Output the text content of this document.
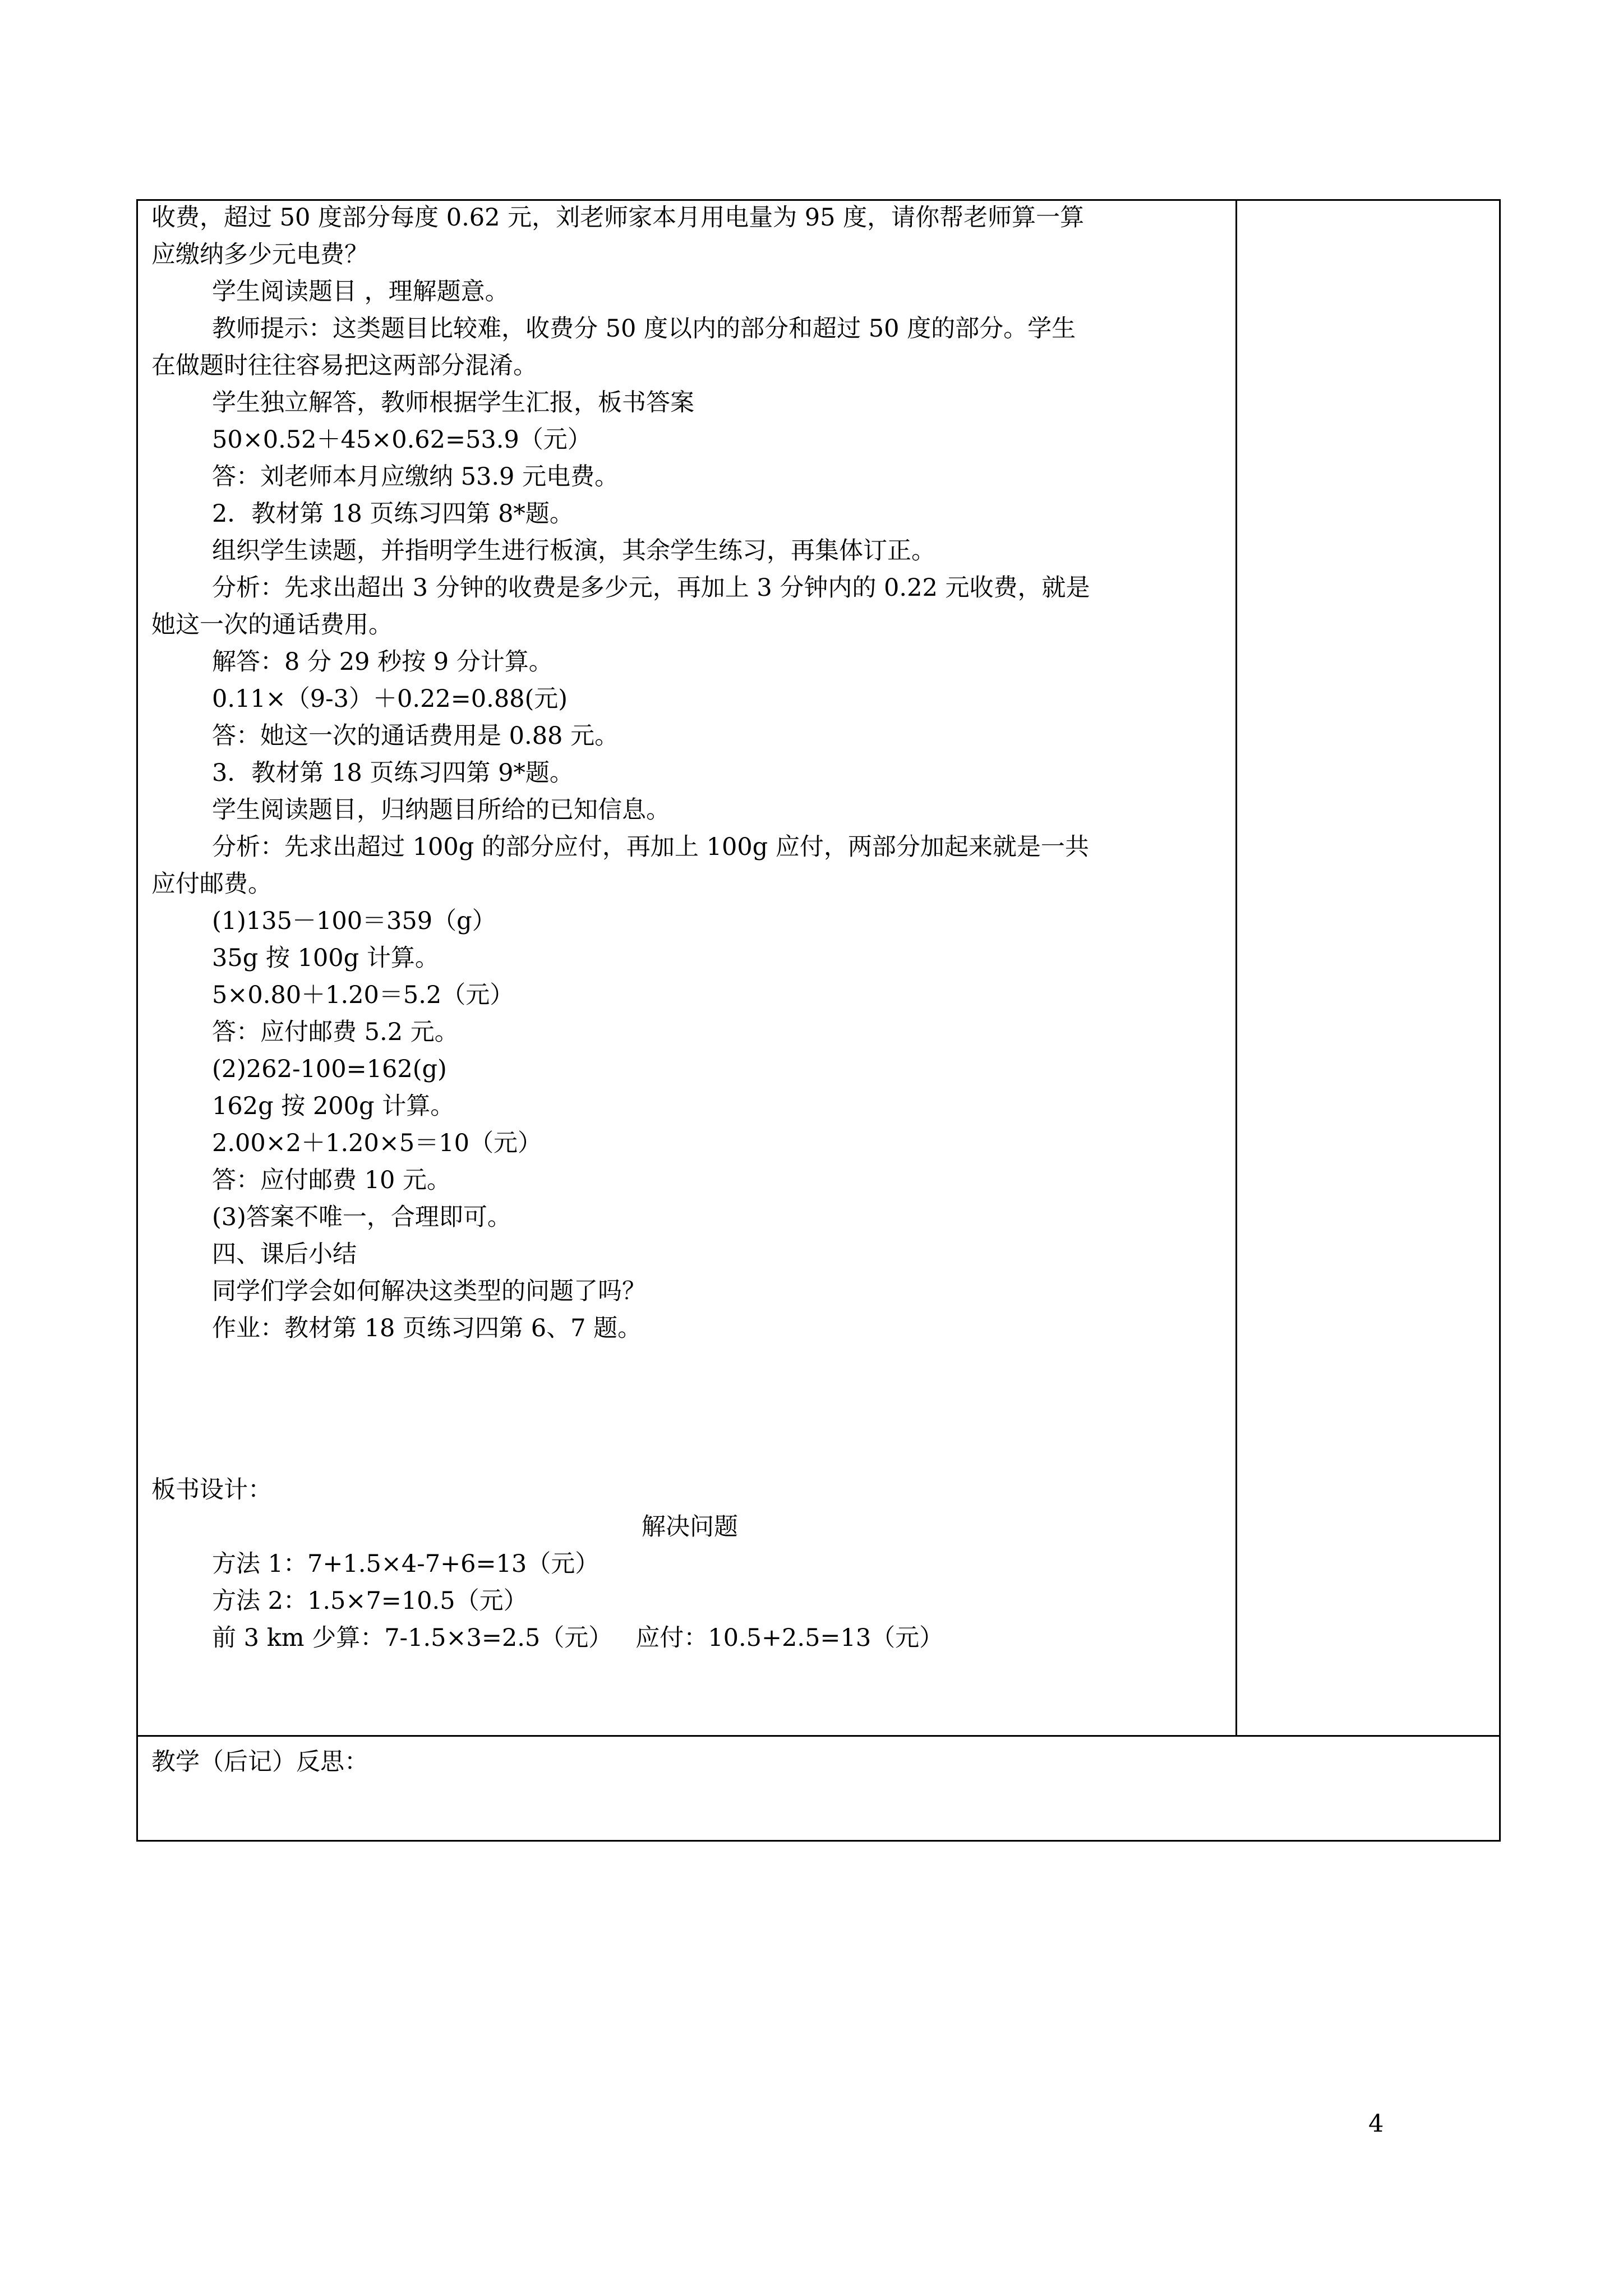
收费，超过 50 度部分每度 0.62 元，刘老师家本月用电量为 95 度，请你帮老师算一算
应缴纳多少元电费？
学生阅读题目 ，理解题意。
教师提示：这类题目比较难，收费分 50 度以内的部分和超过 50 度的部分。学生
在做题时往往容易把这两部分混淆。
学生独立解答，教师根据学生汇报，板书答案
50×0.52＋45×0.62=53.9（元）
答：刘老师本月应缴纳 53.9 元电费。
2．教材第 18 页练习四第 8*题。
组织学生读题，并指明学生进行板演，其余学生练习，再集体订正。
分析：先求出超出 3 分钟的收费是多少元，再加上 3 分钟内的 0.22 元收费，就是
她这一次的通话费用。
解答：8 分 29 秒按 9 分计算。
0.11×（9-3）＋0.22=0.88(元)
答：她这一次的通话费用是 0.88 元。
3．教材第 18 页练习四第 9*题。
学生阅读题目，归纳题目所给的已知信息。
分析：先求出超过 100g 的部分应付，再加上 100g 应付，两部分加起来就是一共
应付邮费。
(1)135－100＝359（g）
35g 按 100g 计算。
5×0.80＋1.20＝5.2（元）
答：应付邮费 5.2 元。
(2)262-100=162(g)
162g 按 200g 计算。
2.00×2＋1.20×5＝10（元）
答：应付邮费 10 元。
(3)答案不唯一，合理即可。
四、课后小结
同学们学会如何解决这类型的问题了吗？
作业：教材第 18 页练习四第 6、7 题。
板书设计：
解决问题
方法 1：7+1.5×4-7+6=13（元）
方法 2：1.5×7=10.5（元）
前 3 km 少算：7-1.5×3=2.5（元）   应付：10.5+2.5=13（元）
教学（后记）反思：
4
